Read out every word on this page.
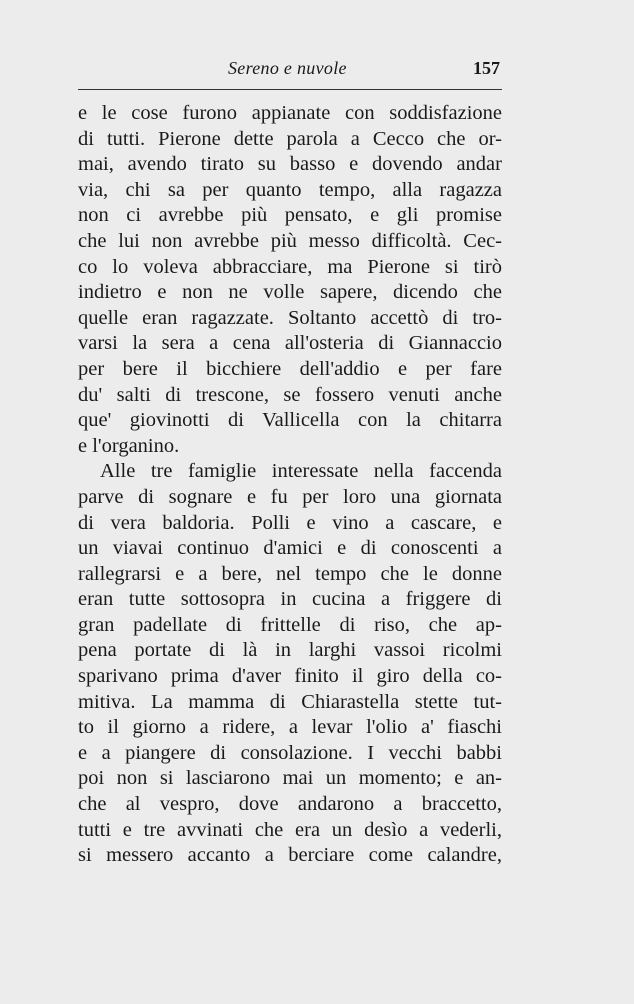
Sereno e nuvole	157
e le cose furono appianate con soddisfazione
di tutti. Pierone dette parola a Cecco che or-
mai, avendo tirato su basso e dovendo andar
via, chi sa per quanto tempo, alla ragazza
non ci avrebbe più pensato, e gli promise
che lui non avrebbe più messo difficoltà. Cec-
co lo voleva abbracciare, ma Pierone si tirò
indietro e non ne volle sapere, dicendo che
quelle eran ragazzate. Soltanto accettò di tro-
varsi la sera a cena all'osteria di Giannaccio
per bere il bicchiere dell'addio e per fare
du' salti di trescone, se fossero venuti anche
que' giovinotti di Vallicella con la chitarra
e l'organino.
Alle tre famiglie interessate nella faccenda
parve di sognare e fu per loro una giornata
di vera baldoria. Polli e vino a cascare, e
un viavai continuo d'amici e di conoscenti a
rallegrarsi e a bere, nel tempo che le donne
eran tutte sottosopra in cucina a friggere di
gran padellate di frittelle di riso, che ap-
pena portate di là in larghi vassoi ricolmi
sparivano prima d'aver finito il giro della co-
mitiva. La mamma di Chiarastella stette tut-
to il giorno a ridere, a levar l'olio a' fiaschi
e a piangere di consolazione. I vecchi babbi
poi non si lasciarono mai un momento; e an-
che al vespro, dove andarono a braccetto,
tutti e tre avvinati che era un desìo a vederli,
si messero accanto a berciare come calandre,
